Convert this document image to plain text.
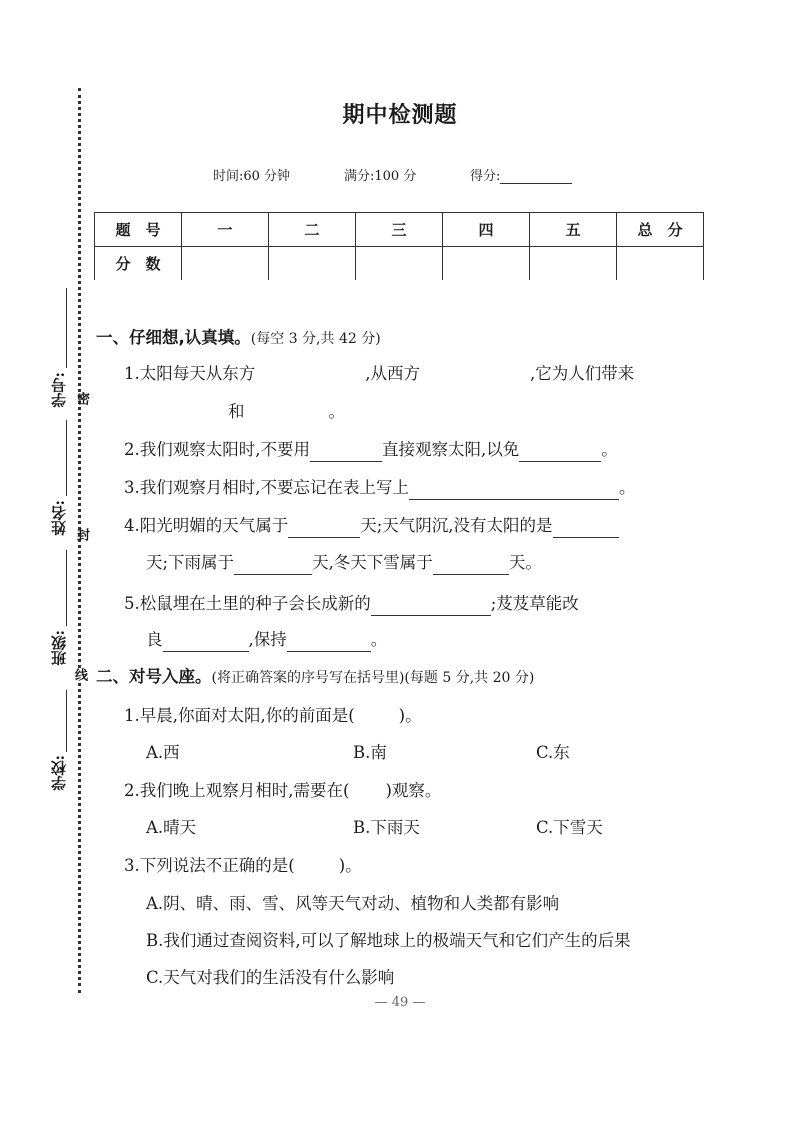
学校:
班级:
姓名:
学号: 密
封
线
期中检测题
时间:60 分钟	满分:100 分	得分:
题　号	一	二	三	四	五	总　分
分　数						
一、仔细想,认真填。(每空 3 分,共 42 分)
1.太阳每天从东方	,从西方	,它为人们带来
和	。
2.我们观察太阳时,不要用	直接观察太阳,以免	。
3.我们观察月相时,不要忘记在表上写上	。
4.阳光明媚的天气属于	天;天气阴沉,没有太阳的是
天;下雨属于	天,冬天下雪属于	天。
5.松鼠埋在土里的种子会长成新的	;芨芨草能改
良	,保持	。
二、对号入座。(将正确答案的序号写在括号里)(每题 5 分,共 20 分)
1.早晨,你面对太阳,你的前面是(	)。
A.西	B.南	C.东
2.我们晚上观察月相时,需要在( )观察。
A.晴天	B.下雨天	C.下雪天
3.下列说法不正确的是(	)。
A.阴、晴、雨、雪、风等天气对动、植物和人类都有影响
B.我们通过查阅资料,可以了解地球上的极端天气和它们产生的后果
C.天气对我们的生活没有什么影响
— 49 —
